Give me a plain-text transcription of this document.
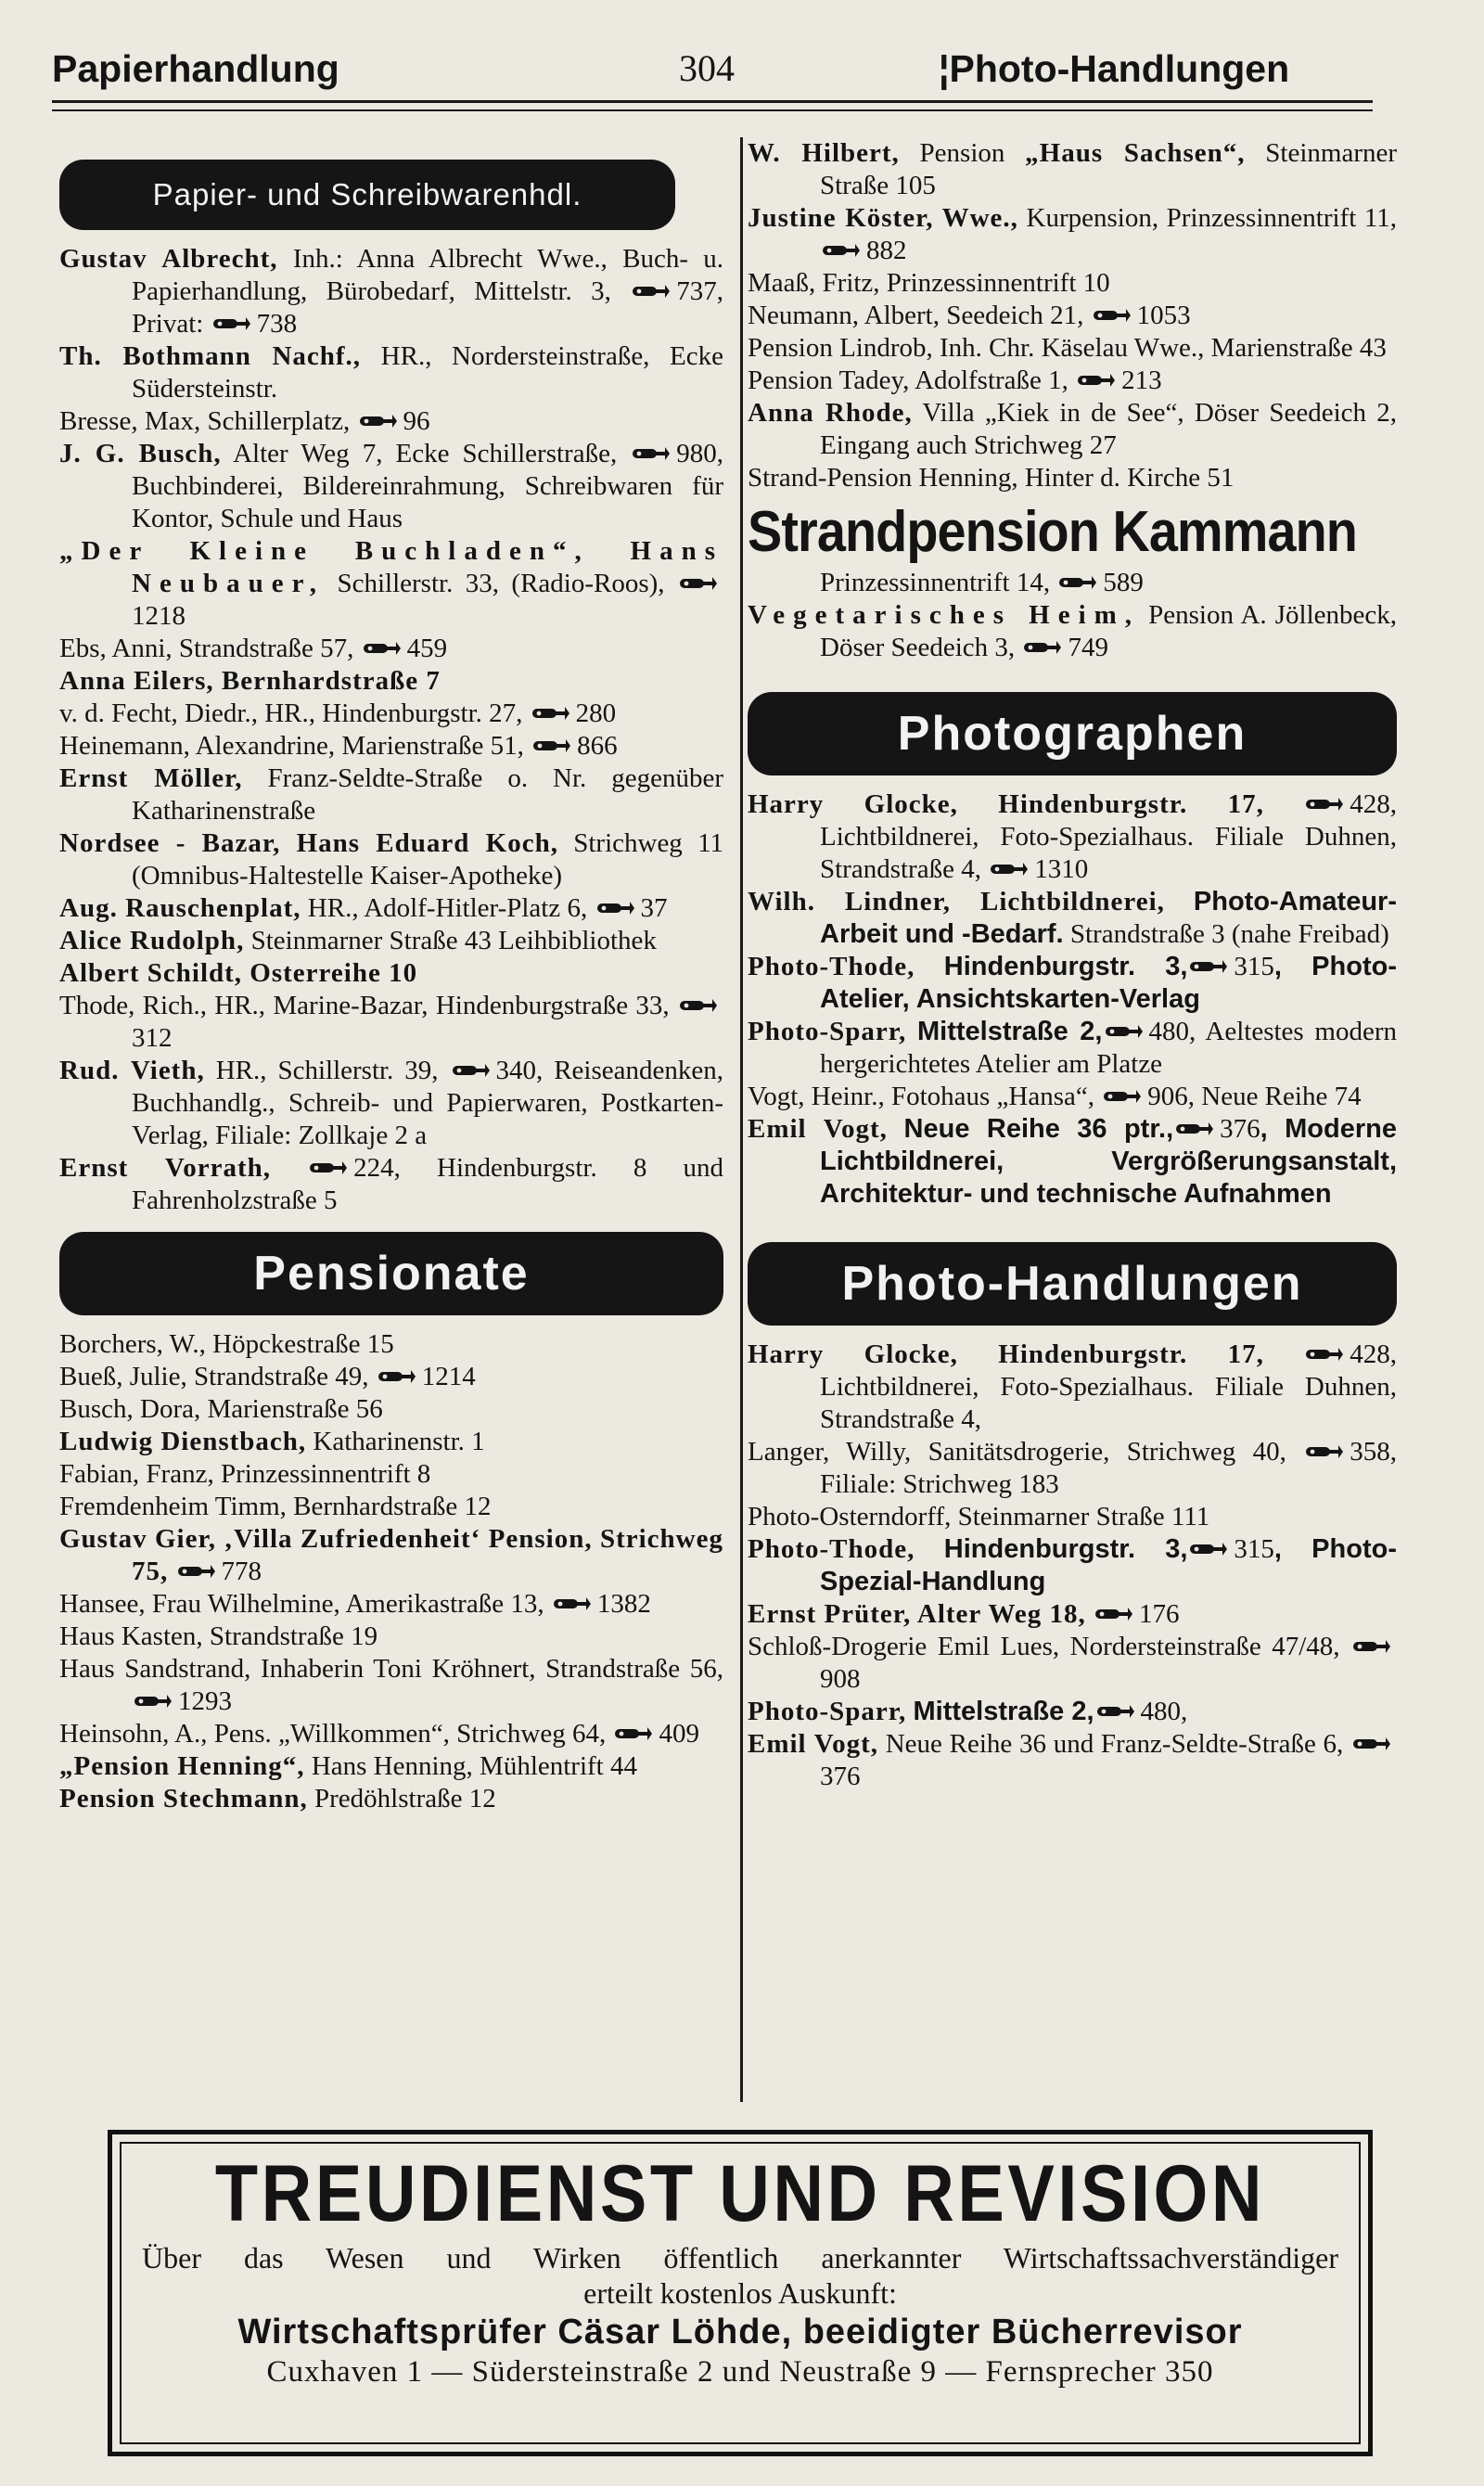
Papierhandlung	304	¦Photo-Handlungen
Papier- und Schreibwarenhdl.

Gustav Albrecht, Inh.: Anna Albrecht Wwe., Buch- u. Papierhandlung, Bürobedarf, Mittelstr. 3, 737, Privat: 738

Th. Bothmann Nachf., HR., Nordersteinstraße, Ecke Südersteinstr.

Bresse, Max, Schillerplatz, 96

J. G. Busch, Alter Weg 7, Ecke Schillerstraße, 980, Buchbinderei, Bildereinrahmung, Schreibwaren für Kontor, Schule und Haus

„Der Kleine Buchladen“, Hans Neubauer, Schillerstr. 33, (Radio-Roos), 1218

Ebs, Anni, Strandstraße 57, 459

Anna Eilers, Bernhardstraße 7

v. d. Fecht, Diedr., HR., Hindenburgstr. 27, 280

Heinemann, Alexandrine, Marienstraße 51, 866

Ernst Möller, Franz-Seldte-Straße o. Nr. gegenüber Katharinenstraße

Nordsee - Bazar, Hans Eduard Koch, Strichweg 11 (Omnibus-Haltestelle Kaiser-Apotheke)

Aug. Rauschenplat, HR., Adolf-Hitler-Platz 6, 37

Alice Rudolph, Steinmarner Straße 43 Leihbibliothek

Albert Schildt, Osterreihe 10

Thode, Rich., HR., Marine-Bazar, Hindenburgstraße 33, 312

Rud. Vieth, HR., Schillerstr. 39, 340, Reiseandenken, Buchhandlg., Schreib- und Papierwaren, Postkarten-Verlag, Filiale: Zollkaje 2 a

Ernst Vorrath,	224, Hindenburgstr. 8 und Fahrenholzstraße 5

Pensionate

Borchers, W., Höpckestraße 15

Bueß, Julie, Strandstraße 49, 1214

Busch, Dora, Marienstraße 56

Ludwig Dienstbach, Katharinenstr. 1

Fabian, Franz, Prinzessinnentrift 8

Fremdenheim Timm, Bernhardstraße 12

Gustav Gier, ‚Villa Zufriedenheit‘ Pension, Strichweg 75, 778

Hansee, Frau Wilhelmine, Amerikastraße 13, 1382

Haus Kasten, Strandstraße 19

Haus Sandstrand, Inhaberin Toni Kröhnert, Strandstraße 56, 1293

Heinsohn, A., Pens. „Willkommen“, Strichweg 64, 409

„Pension Henning“, Hans Henning, Mühlentrift 44

Pension Stechmann, Predöhlstraße 12

W. Hilbert, Pension „Haus Sachsen“, Steinmarner Straße 105

Justine Köster, Wwe., Kurpension, Prinzessinnentrift 11, 882

Maaß, Fritz, Prinzessinnentrift 10

Neumann, Albert, Seedeich 21, 1053

Pension Lindrob, Inh. Chr. Käselau Wwe., Marienstraße 43

Pension Tadey, Adolfstraße 1, 213

Anna Rhode, Villa „Kiek in de See“, Döser Seedeich 2, Eingang auch Strichweg 27

Strand-Pension Henning, Hinter d. Kirche 51

Strandpension Kammann

Prinzessinnentrift 14, 589

Vegetarisches Heim, Pension A. Jöllenbeck, Döser Seedeich 3, 749

Photographen

Harry Glocke, Hindenburgstr. 17,	428, Lichtbildnerei, Foto-Spezialhaus. Filiale Duhnen, Strandstraße 4, 1310

Wilh. Lindner, Lichtbildnerei, Photo-Amateur-Arbeit und -Bedarf. Strandstraße 3 (nahe Freibad)

Photo-Thode, Hindenburgstr. 3, 315, Photo-Atelier, Ansichtskarten-Verlag

Photo-Sparr, Mittelstraße 2, 480, Aeltestes modern hergerichtetes Atelier am Platze

Vogt, Heinr., Fotohaus „Hansa“, 906, Neue Reihe 74

Emil Vogt, Neue Reihe 36 ptr., 376, Moderne Lichtbildnerei, Vergrößerungsanstalt, Architektur- und technische Aufnahmen

Photo-Handlungen

Harry Glocke, Hindenburgstr. 17,	428, Lichtbildnerei, Foto-Spezialhaus. Filiale Duhnen, Strandstraße 4,

Langer, Willy, Sanitätsdrogerie, Strichweg 40, 358, Filiale: Strichweg 183

Photo-Osterndorff, Steinmarner Straße 111

Photo-Thode, Hindenburgstr. 3, 315, Photo-Spezial-Handlung

Ernst Prüter, Alter Weg 18, 176

Schloß-Drogerie Emil Lues, Nordersteinstraße 47/48, 908

Photo-Sparr, Mittelstraße 2, 480,

Emil Vogt, Neue Reihe 36 und Franz-Seldte-Straße 6, 376

TREUDIENST UND REVISION
Über das Wesen und Wirken öffentlich anerkannter Wirtschaftssachverständiger
erteilt kostenlos Auskunft:
Wirtschaftsprüfer Cäsar Löhde, beeidigter Bücherrevisor
Cuxhaven 1 — Südersteinstraße 2 und Neustraße 9 — Fernsprecher 350
